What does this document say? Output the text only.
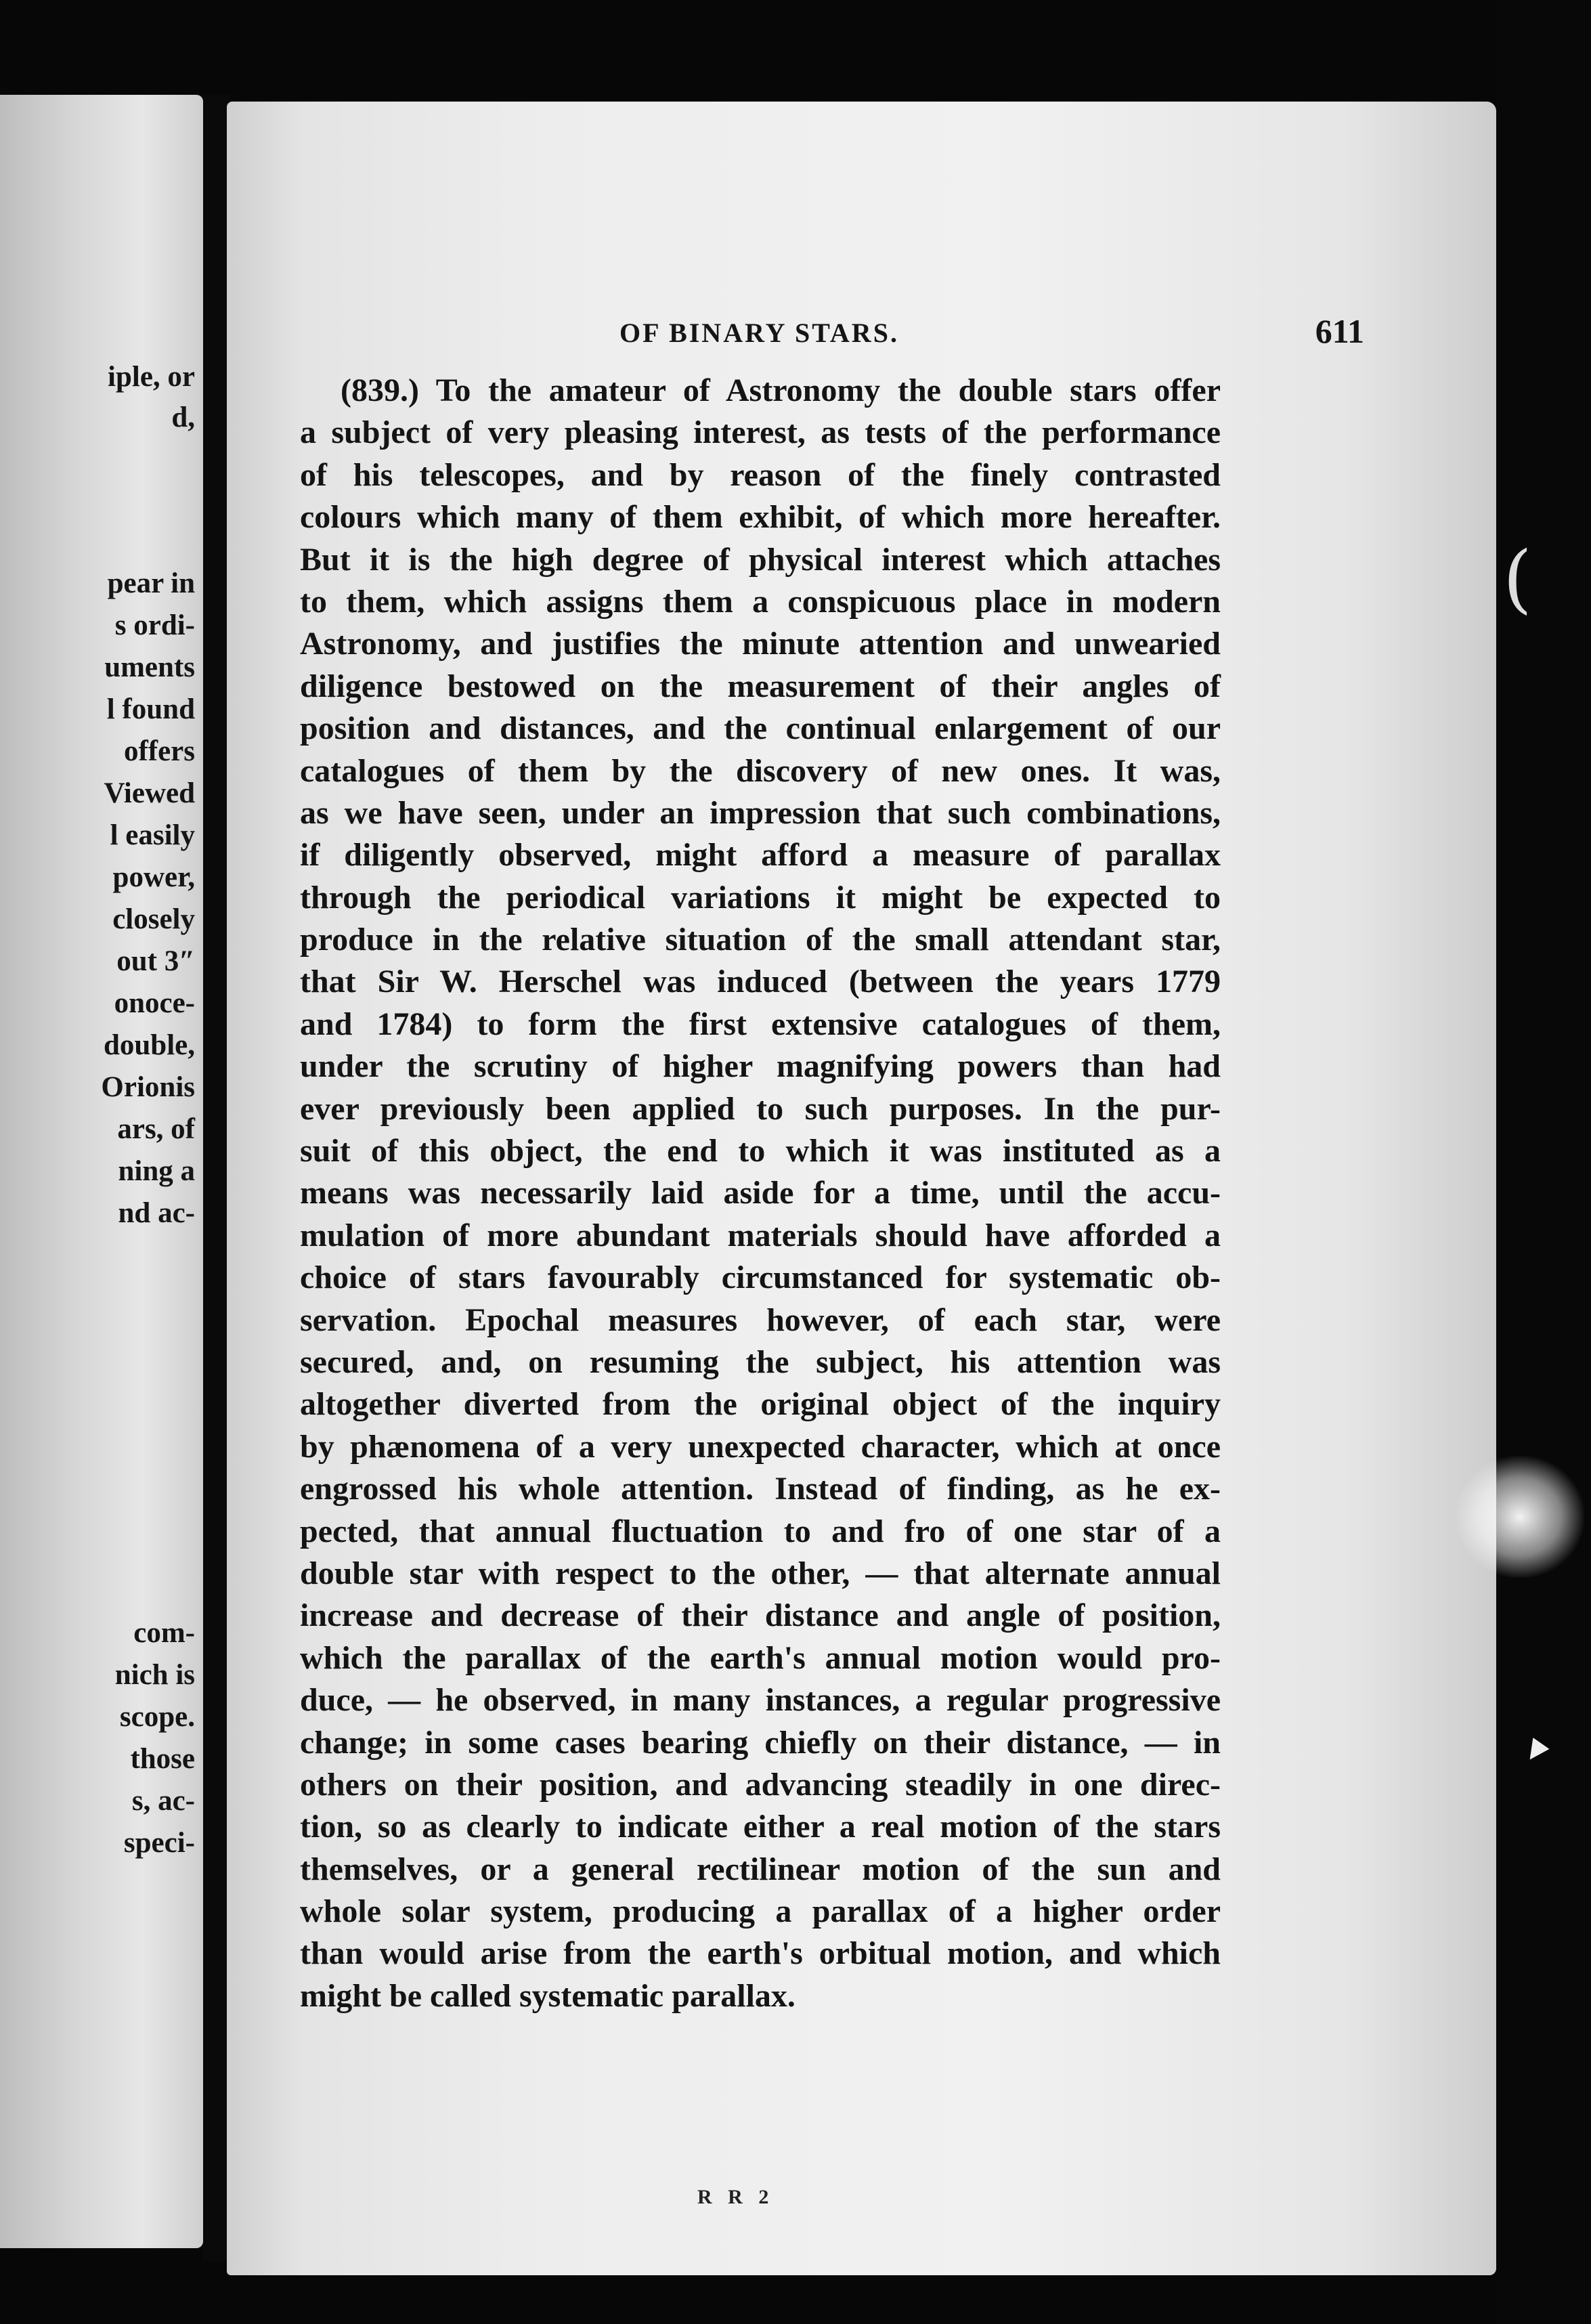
iple, or
d,
pear in
s ordi-
uments
l found
offers
Viewed
l easily
power,
closely
out 3″
onoce-
double,
Orionis
ars, of
ning a
nd ac-
com-
nich is
scope.
those
s, ac-
speci-
OF BINARY STARS.	611
(839.) To the amateur of Astronomy the double stars offer
a subject of very pleasing interest, as tests of the performance
of his telescopes, and by reason of the finely contrasted
colours which many of them exhibit, of which more hereafter.
But it is the high degree of physical interest which attaches
to them, which assigns them a conspicuous place in modern
Astronomy, and justifies the minute attention and unwearied
diligence bestowed on the measurement of their angles of
position and distances, and the continual enlargement of our
catalogues of them by the discovery of new ones. It was,
as we have seen, under an impression that such combinations,
if diligently observed, might afford a measure of parallax
through the periodical variations it might be expected to
produce in the relative situation of the small attendant star,
that Sir W. Herschel was induced (between the years 1779
and 1784) to form the first extensive catalogues of them,
under the scrutiny of higher magnifying powers than had
ever previously been applied to such purposes. In the pur-
suit of this object, the end to which it was instituted as a
means was necessarily laid aside for a time, until the accu-
mulation of more abundant materials should have afforded a
choice of stars favourably circumstanced for systematic ob-
servation. Epochal measures however, of each star, were
secured, and, on resuming the subject, his attention was
altogether diverted from the original object of the inquiry
by phænomena of a very unexpected character, which at once
engrossed his whole attention. Instead of finding, as he ex-
pected, that annual fluctuation to and fro of one star of a
double star with respect to the other, — that alternate annual
increase and decrease of their distance and angle of position,
which the parallax of the earth's annual motion would pro-
duce, — he observed, in many instances, a regular progressive
change; in some cases bearing chiefly on their distance, — in
others on their position, and advancing steadily in one direc-
tion, so as clearly to indicate either a real motion of the stars
themselves, or a general rectilinear motion of the sun and
whole solar system, producing a parallax of a higher order
than would arise from the earth's orbitual motion, and which
might be called systematic parallax.
R R 2
(
▼
